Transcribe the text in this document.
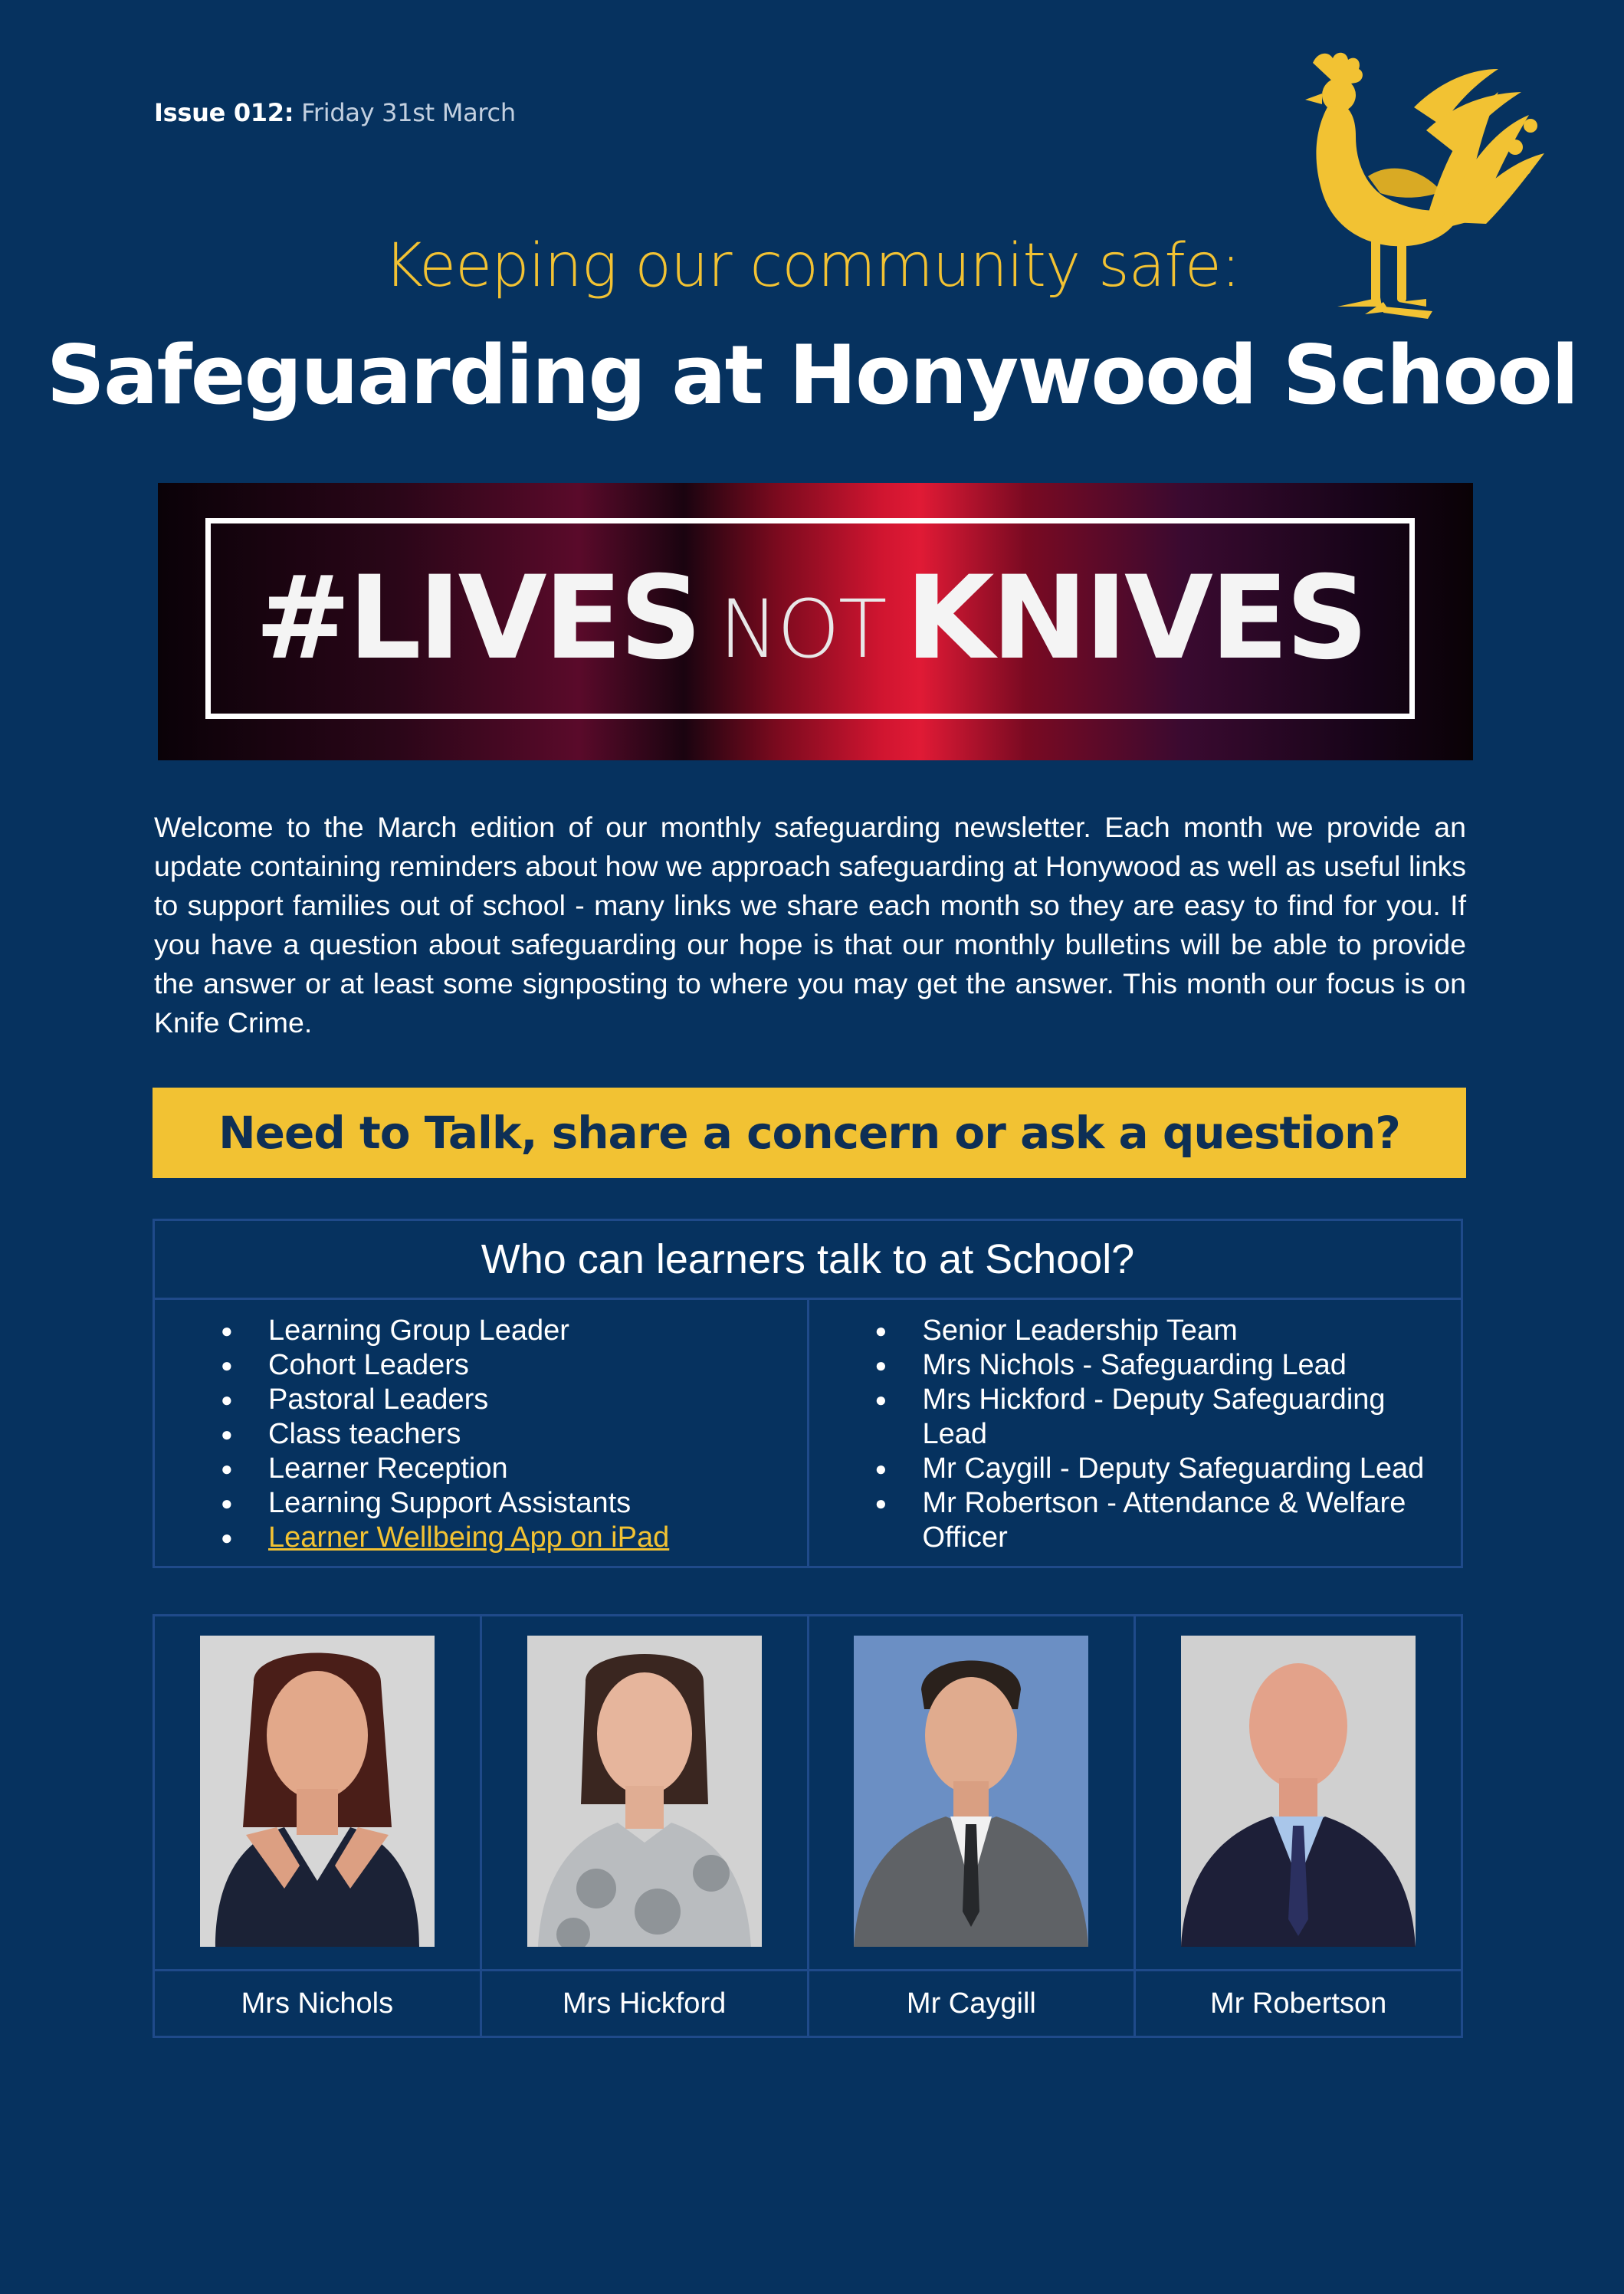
Issue 012: Friday 31st March
Keeping our community safe:
Safeguarding at Honywood School
#LIVES NOT KNIVES
Welcome to the March edition of our monthly safeguarding newsletter. Each month we provide an update containing reminders about how we approach safeguarding at Honywood as well as useful links to support families out of school - many links we share each month so they are easy to find for you. If you have a question about safeguarding our hope is that our monthly bulletins will be able to provide the answer or at least some signposting to where you may get the answer. This month our focus is on Knife Crime.
Need to Talk, share a concern or ask a question?
Who can learners talk to at School?

● Learning Group Leader
● Cohort Leaders
● Pastoral Leaders
● Class teachers
● Learner Reception
● Learning Support Assistants
● Learner Wellbeing App on iPad

● Senior Leadership Team
● Mrs Nichols - Safeguarding Lead
● Mrs Hickford - Deputy Safeguarding Lead
● Mr Caygill - Deputy Safeguarding Lead
● Mr Robertson - Attendance & Welfare Officer

Mrs Nichols	Mrs Hickford	Mr Caygill	Mr Robertson
